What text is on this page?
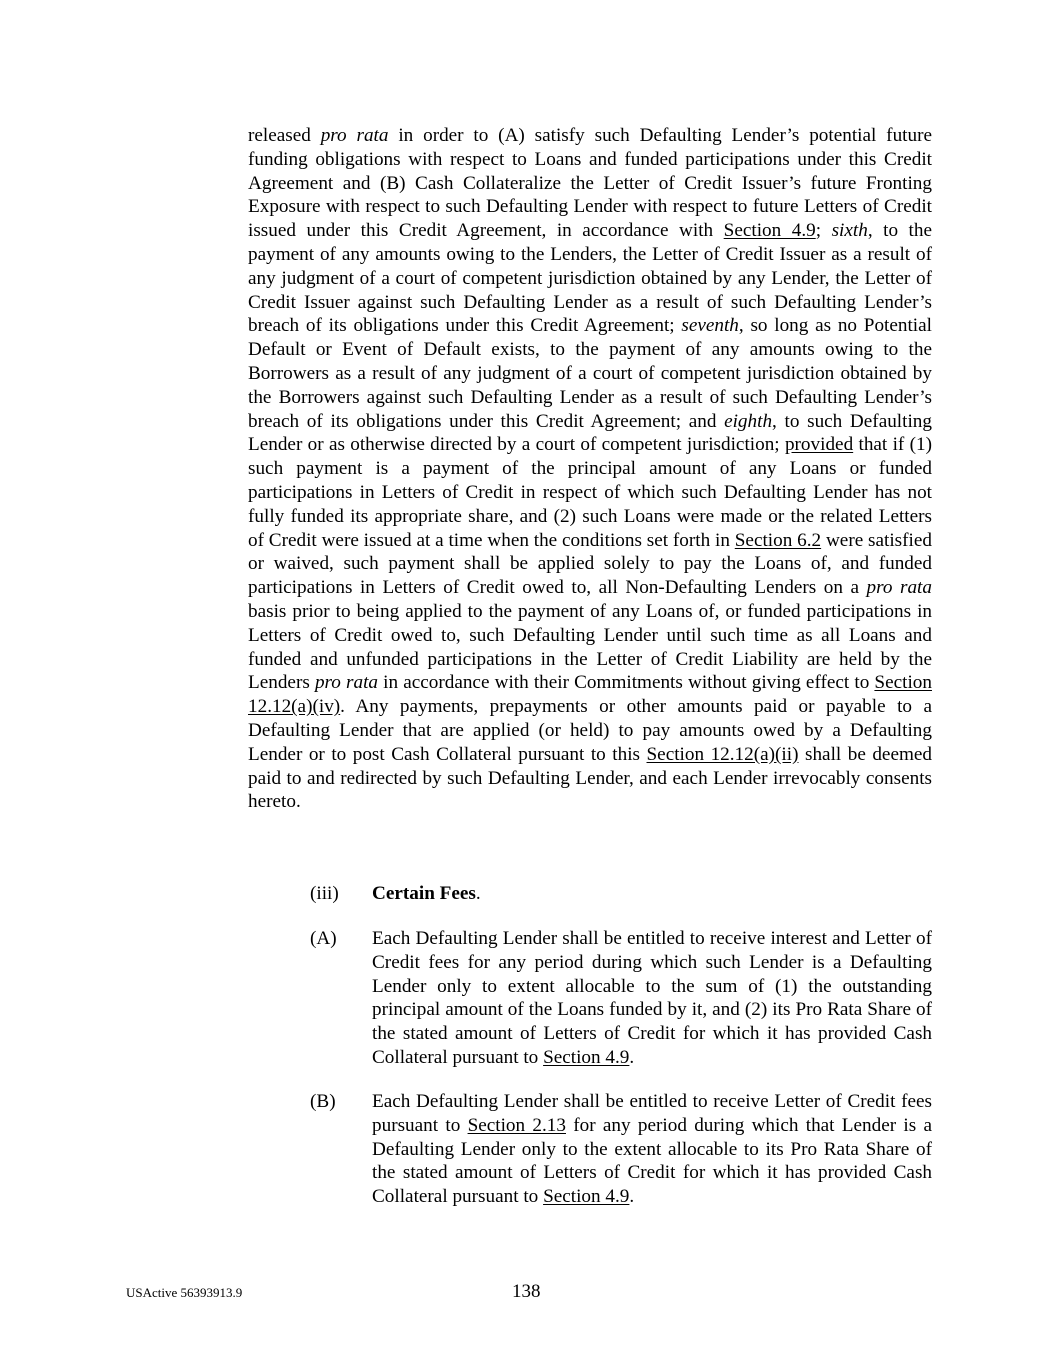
released pro rata in order to (A) satisfy such Defaulting Lender’s potential future funding obligations with respect to Loans and funded participations under this Credit Agreement and (B) Cash Collateralize the Letter of Credit Issuer’s future Fronting Exposure with respect to such Defaulting Lender with respect to future Letters of Credit issued under this Credit Agreement, in accordance with Section 4.9; sixth, to the payment of any amounts owing to the Lenders, the Letter of Credit Issuer as a result of any judgment of a court of competent jurisdiction obtained by any Lender, the Letter of Credit Issuer against such Defaulting Lender as a result of such Defaulting Lender’s breach of its obligations under this Credit Agreement; seventh, so long as no Potential Default or Event of Default exists, to the payment of any amounts owing to the Borrowers as a result of any judgment of a court of competent jurisdiction obtained by the Borrowers against such Defaulting Lender as a result of such Defaulting Lender’s breach of its obligations under this Credit Agreement; and eighth, to such Defaulting Lender or as otherwise directed by a court of competent jurisdiction; provided that if (1) such payment is a payment of the principal amount of any Loans or funded participations in Letters of Credit in respect of which such Defaulting Lender has not fully funded its appropriate share, and (2) such Loans were made or the related Letters of Credit were issued at a time when the conditions set forth in Section 6.2 were satisfied or waived, such payment shall be applied solely to pay the Loans of, and funded participations in Letters of Credit owed to, all Non-Defaulting Lenders on a pro rata basis prior to being applied to the payment of any Loans of, or funded participations in Letters of Credit owed to, such Defaulting Lender until such time as all Loans and funded and unfunded participations in the Letter of Credit Liability are held by the Lenders pro rata in accordance with their Commitments without giving effect to Section 12.12(a)(iv). Any payments, prepayments or other amounts paid or payable to a Defaulting Lender that are applied (or held) to pay amounts owed by a Defaulting Lender or to post Cash Collateral pursuant to this Section 12.12(a)(ii) shall be deemed paid to and redirected by such Defaulting Lender, and each Lender irrevocably consents hereto.

(iii) Certain Fees.
(A) Each Defaulting Lender shall be entitled to receive interest and Letter of Credit fees for any period during which such Lender is a Defaulting Lender only to extent allocable to the sum of (1) the outstanding principal amount of the Loans funded by it, and (2) its Pro Rata Share of the stated amount of Letters of Credit for which it has provided Cash Collateral pursuant to Section 4.9.

(B) Each Defaulting Lender shall be entitled to receive Letter of Credit fees pursuant to Section 2.13 for any period during which that Lender is a Defaulting Lender only to the extent allocable to its Pro Rata Share of the stated amount of Letters of Credit for which it has provided Cash Collateral pursuant to Section 4.9.

USActive 56393913.9	138
